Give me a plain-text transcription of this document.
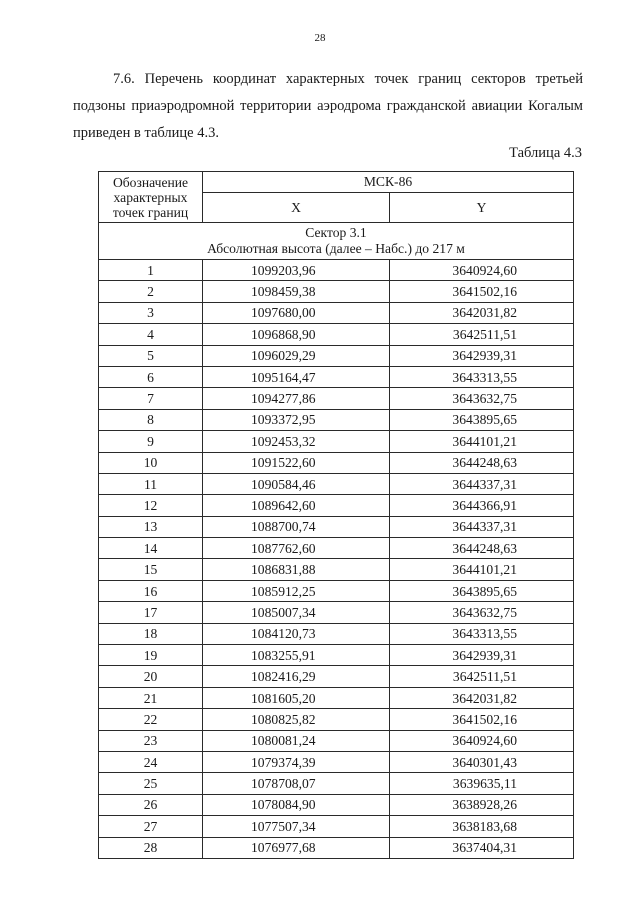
28

7.6. Перечень координат характерных точек границ секторов третьей подзоны приаэродромной территории аэродрома гражданской авиации Когалым приведен в таблице 4.3.

Таблица 4.3
Обозначение характерных точек границ	МСК-86	
	X	Y

Сектор 3.1
Абсолютная высота (далее – Набс.) до 217 м		

1	1099203,96	3640924,60
2	1098459,38	3641502,16
3	1097680,00	3642031,82
4	1096868,90	3642511,51
5	1096029,29	3642939,31
6	1095164,47	3643313,55
7	1094277,86	3643632,75
8	1093372,95	3643895,65
9	1092453,32	3644101,21
10	1091522,60	3644248,63
11	1090584,46	3644337,31
12	1089642,60	3644366,91
13	1088700,74	3644337,31
14	1087762,60	3644248,63
15	1086831,88	3644101,21
16	1085912,25	3643895,65
17	1085007,34	3643632,75
18	1084120,73	3643313,55
19	1083255,91	3642939,31
20	1082416,29	3642511,51
21	1081605,20	3642031,82
22	1080825,82	3641502,16
23	1080081,24	3640924,60
24	1079374,39	3640301,43
25	1078708,07	3639635,11
26	1078084,90	3638928,26
27	1077507,34	3638183,68
28	1076977,68	3637404,31
